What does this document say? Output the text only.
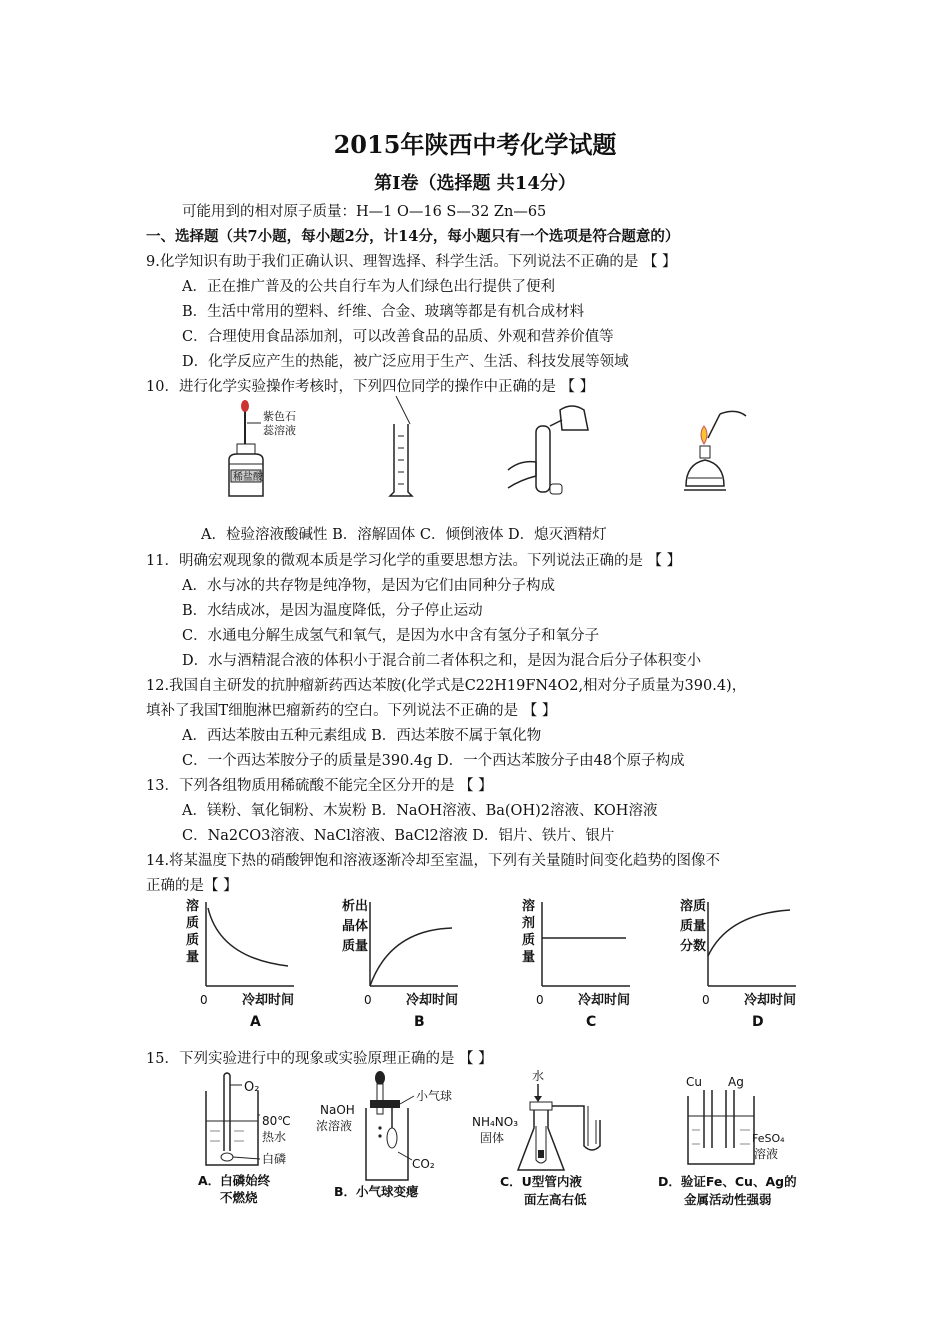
2015年陕西中考化学试题
第Ⅰ卷（选择题 共14分）
可能用到的相对原子质量：H—1 O—16 S—32 Zn—65
一、选择题（共7小题，每小题2分，计14分，每小题只有一个选项是符合题意的）
9.化学知识有助于我们正确认识、理智选择、科学生活。下列说法不正确的是 【 】
A．正在推广普及的公共自行车为人们绿色出行提供了便利
B．生活中常用的塑料、纤维、合金、玻璃等都是有机合成材料
C．合理使用食品添加剂，可以改善食品的品质、外观和营养价值等
D．化学反应产生的热能，被广泛应用于生产、生活、科技发展等领域
10．进行化学实验操作考核时，下列四位同学的操作中正确的是 【 】
紫色石
蕊溶液
稀盐酸
A．检验溶液酸碱性 B．溶解固体 C．倾倒液体 D．熄灭酒精灯
11．明确宏观现象的微观本质是学习化学的重要思想方法。下列说法正确的是 【 】
A．水与冰的共存物是纯净物，是因为它们由同种分子构成
B．水结成冰，是因为温度降低，分子停止运动
C．水通电分解生成氢气和氧气，是因为水中含有氢分子和氧分子
D．水与酒精混合液的体积小于混合前二者体积之和，是因为混合后分子体积变小
12.我国自主研发的抗肿瘤新药西达苯胺(化学式是C22H19FN4O2,相对分子质量为390.4)，
填补了我国T细胞淋巴瘤新药的空白。下列说法不正确的是 【 】
A．西达苯胺由五种元素组成 B．西达苯胺不属于氧化物
C．一个西达苯胺分子的质量是390.4g D．一个西达苯胺分子由48个原子构成
13．下列各组物质用稀硫酸不能完全区分开的是 【 】
A．镁粉、氧化铜粉、木炭粉 B．NaOH溶液、Ba(OH)2溶液、KOH溶液
C．Na2CO3溶液、NaCl溶液、BaCl2溶液 D．铝片、铁片、银片
14.将某温度下热的硝酸钾饱和溶液逐渐冷却至室温，下列有关量随时间变化趋势的图像不
正确的是【 】
溶
质
质
量
0	冷却时间
A
析出
晶体
质量
0	冷却时间
B
溶
剂
质
量
0	冷却时间
C
溶质
质量
分数
0	冷却时间
D
15．下列实验进行中的现象或实验原理正确的是 【 】
O₂
80℃
热水
白磷
A．白磷始终
不燃烧
NaOH
浓溶液
小气球
CO₂
B．小气球变瘪
水
NH₄NO₃
固体
C．U型管内液
面左高右低
Cu Ag
FeSO₄
溶液
D．验证Fe、Cu、Ag的
金属活动性强弱
